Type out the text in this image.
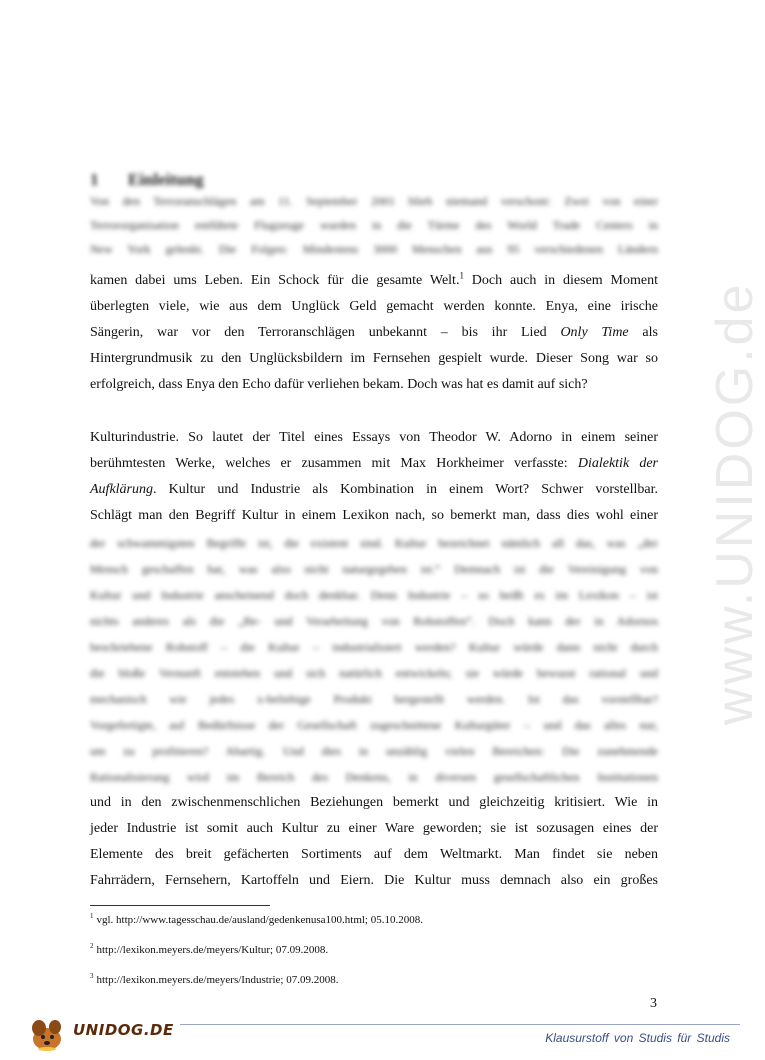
www.UNIDOG.de
1 Einleitung
Von den Terroranschlägen am 11. September 2001 blieb niemand verschont: Zwei von einer
Terrororganisation entführte Flugzeuge wurden in die Türme des World Trade Centers in
New York gelenkt. Die Folgen: Mindestens 3000 Menschen aus 95 verschiedenen Ländern
kamen dabei ums Leben. Ein Schock für die gesamte Welt.$^1$ Doch auch in diesem Moment
überlegten viele, wie aus dem Unglück Geld gemacht werden konnte. Enya, eine irische
Sängerin, war vor den Terroranschlägen unbekannt – bis ihr Lied Only Time als
Hintergrundmusik zu den Unglücksbildern im Fernsehen gespielt wurde. Dieser Song war so
erfolgreich, dass Enya den Echo dafür verliehen bekam. Doch was hat es damit auf sich?
Kulturindustrie. So lautet der Titel eines Essays von Theodor W. Adorno in einem seiner
berühmtesten Werke, welches er zusammen mit Max Horkheimer verfasste: Dialektik der
Aufklärung. Kultur und Industrie als Kombination in einem Wort? Schwer vorstellbar.
Schlägt man den Begriff Kultur in einem Lexikon nach, so bemerkt man, dass dies wohl einer
der schwammigsten Begriffe ist, die existent sind. Kultur bezeichnet nämlich all das, was „der
Mensch geschaffen hat, was also nicht naturgegeben ist.“ Demnach ist die Vereinigung von
Kultur und Industrie anscheinend doch denkbar. Denn Industrie – so heißt es im Lexikon – ist
nichts anderes als die „Be- und Verarbeitung von Rohstoffen“. Doch kann der in Adornos
beschriebene Rohstoff – die Kultur – industrialisiert werden? Kultur würde dann nicht durch
die bloße Vernunft entstehen und sich natürlich entwickeln; sie würde bewusst rational und
mechanisch wie jedes x-beliebige Produkt hergestellt werden. Ist das vorstellbar?
Vorgefertigte, auf Bedürfnisse der Gesellschaft zugeschnittene Kulturgüter – und das alles nur,
um zu profitieren? Abartig. Und dies in unzählig vielen Bereichen: Die zunehmende
Rationalisierung wird im Bereich des Denkens, in diversen gesellschaftlichen Institutionen
und in den zwischenmenschlichen Beziehungen bemerkt und gleichzeitig kritisiert. Wie in
jeder Industrie ist somit auch Kultur zu einer Ware geworden; sie ist sozusagen eines der
Elemente des breit gefächerten Sortiments auf dem Weltmarkt. Man findet sie neben
Fahrrädern, Fernsehern, Kartoffeln und Eiern. Die Kultur muss demnach also ein großes
$^1$ vgl. http://www.tagesschau.de/ausland/gedenkenusa100.html; 05.10.2008.
$^2$ http://lexikon.meyers.de/meyers/Kultur; 07.09.2008.
$^3$ http://lexikon.meyers.de/meyers/Industrie; 07.09.2008.
3
UNIDOG.DE	Klausurstoff von Studis für Studis
